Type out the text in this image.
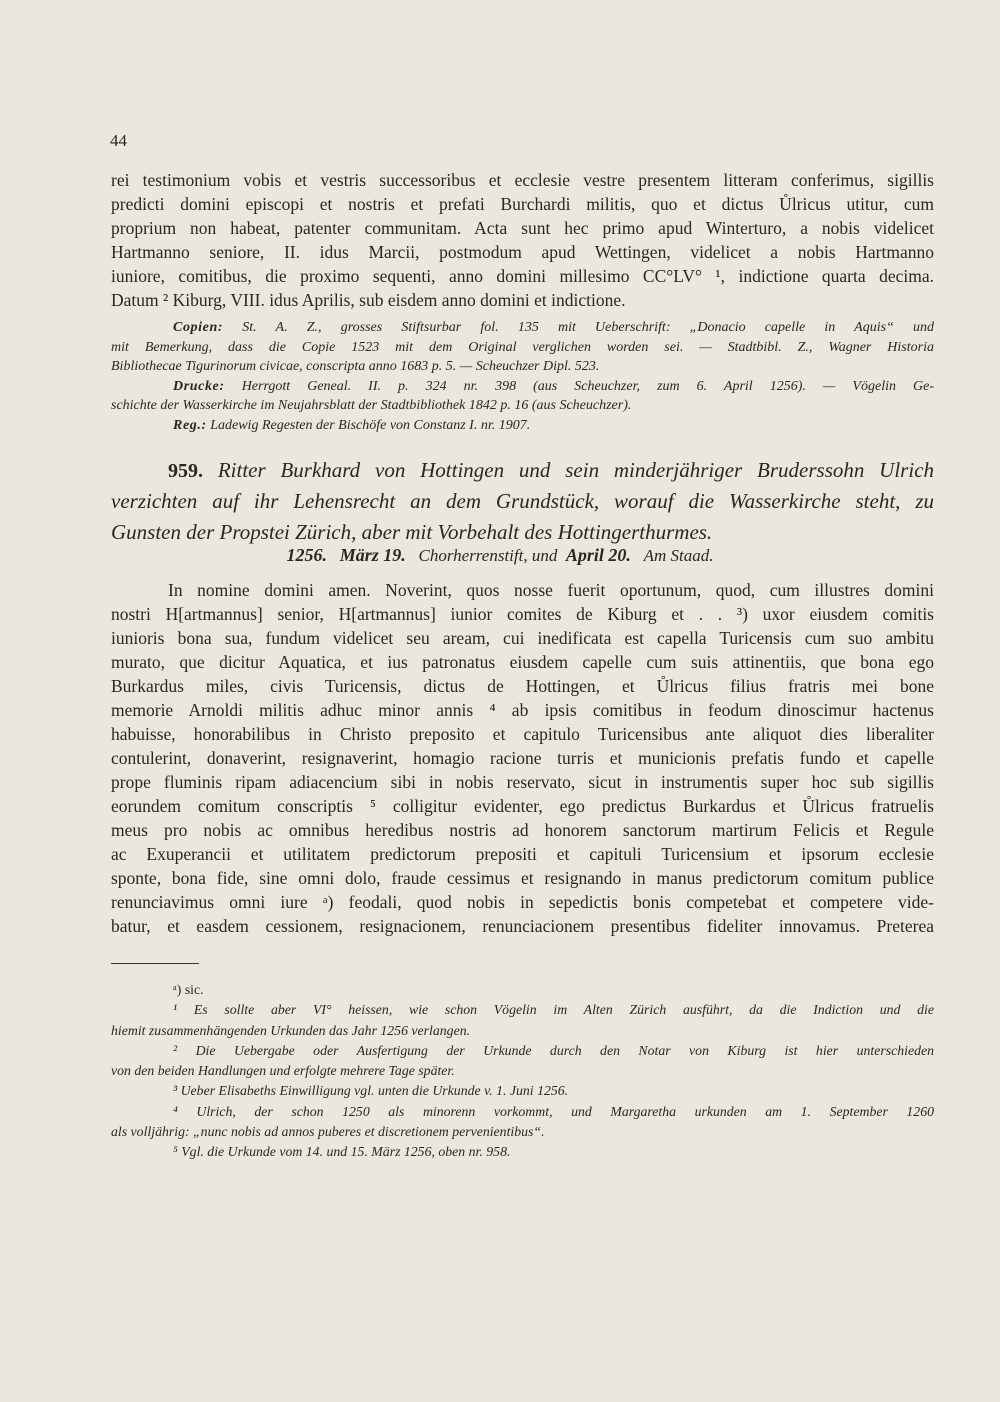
44
rei testimonium vobis et vestris successoribus et ecclesie vestre presentem litteram conferimus, sigillis
predicti domini episcopi et nostris et prefati Burchardi militis, quo et dictus Ůlricus utitur, cum
proprium non habeat, patenter communitam. Acta sunt hec primo apud Winterturo, a nobis videlicet
Hartmanno seniore, II. idus Marcii, postmodum apud Wettingen, videlicet a nobis Hartmanno
iuniore, comitibus, die proximo sequenti, anno domini millesimo CC°LV° ¹, indictione quarta decima.
Datum ² Kiburg, VIII. idus Aprilis, sub eisdem anno domini et indictione.
Copien: St. A. Z., grosses Stiftsurbar fol. 135 mit Ueberschrift: „Donacio capelle in Aquis“ und
mit Bemerkung, dass die Copie 1523 mit dem Original verglichen worden sei. — Stadtbibl. Z., Wagner Historia
Bibliothecae Tigurinorum civicae, conscripta anno 1683 p. 5. — Scheuchzer Dipl. 523.
Drucke: Herrgott Geneal. II. p. 324 nr. 398 (aus Scheuchzer, zum 6. April 1256). — Vögelin Ge-
schichte der Wasserkirche im Neujahrsblatt der Stadtbibliothek 1842 p. 16 (aus Scheuchzer).
Reg.: Ladewig Regesten der Bischöfe von Constanz I. nr. 1907.
959. Ritter Burkhard von Hottingen und sein minderjähriger Bruderssohn Ulrich
verzichten auf ihr Lehensrecht an dem Grundstück, worauf die Wasserkirche steht, zu
Gunsten der Propstei Zürich, aber mit Vorbehalt des Hottingerthurmes.
1256. März 19. Chorherrenstift, und April 20. Am Staad.
In nomine domini amen. Noverint, quos nosse fuerit oportunum, quod, cum illustres domini
nostri H[artmannus] senior, H[artmannus] iunior comites de Kiburg et . . ³) uxor eiusdem comitis
iunioris bona sua, fundum videlicet seu aream, cui inedificata est capella Turicensis cum suo ambitu
murato, que dicitur Aquatica, et ius patronatus eiusdem capelle cum suis attinentiis, que bona ego
Burkardus miles, civis Turicensis, dictus de Hottingen, et Ůlricus filius fratris mei bone
memorie Arnoldi militis adhuc minor annis ⁴ ab ipsis comitibus in feodum dinoscimur hactenus
habuisse, honorabilibus in Christo preposito et capitulo Turicensibus ante aliquot dies liberaliter
contulerint, donaverint, resignaverint, homagio racione turris et municionis prefatis fundo et capelle
prope fluminis ripam adiacencium sibi in nobis reservato, sicut in instrumentis super hoc sub sigillis
eorundem comitum conscriptis ⁵ colligitur evidenter, ego predictus Burkardus et Ůlricus fratruelis
meus pro nobis ac omnibus heredibus nostris ad honorem sanctorum martirum Felicis et Regule
ac Exuperancii et utilitatem predictorum prepositi et capituli Turicensium et ipsorum ecclesie
sponte, bona fide, sine omni dolo, fraude cessimus et resignando in manus predictorum comitum publice
renunciavimus omni iure ᵃ) feodali, quod nobis in sepedictis bonis competebat et competere vide-
batur, et easdem cessionem, resignacionem, renunciacionem presentibus fideliter innovamus. Preterea
ᵃ) sic.
¹ Es sollte aber VI° heissen, wie schon Vögelin im Alten Zürich ausführt, da die Indiction und die
hiemit zusammenhängenden Urkunden das Jahr 1256 verlangen.
² Die Uebergabe oder Ausfertigung der Urkunde durch den Notar von Kiburg ist hier unterschieden
von den beiden Handlungen und erfolgte mehrere Tage später.
³ Ueber Elisabeths Einwilligung vgl. unten die Urkunde v. 1. Juni 1256.
⁴ Ulrich, der schon 1250 als minorenn vorkommt, und Margaretha urkunden am 1. September 1260
als volljährig: „nunc nobis ad annos puberes et discretionem pervenientibus“.
⁵ Vgl. die Urkunde vom 14. und 15. März 1256, oben nr. 958.
